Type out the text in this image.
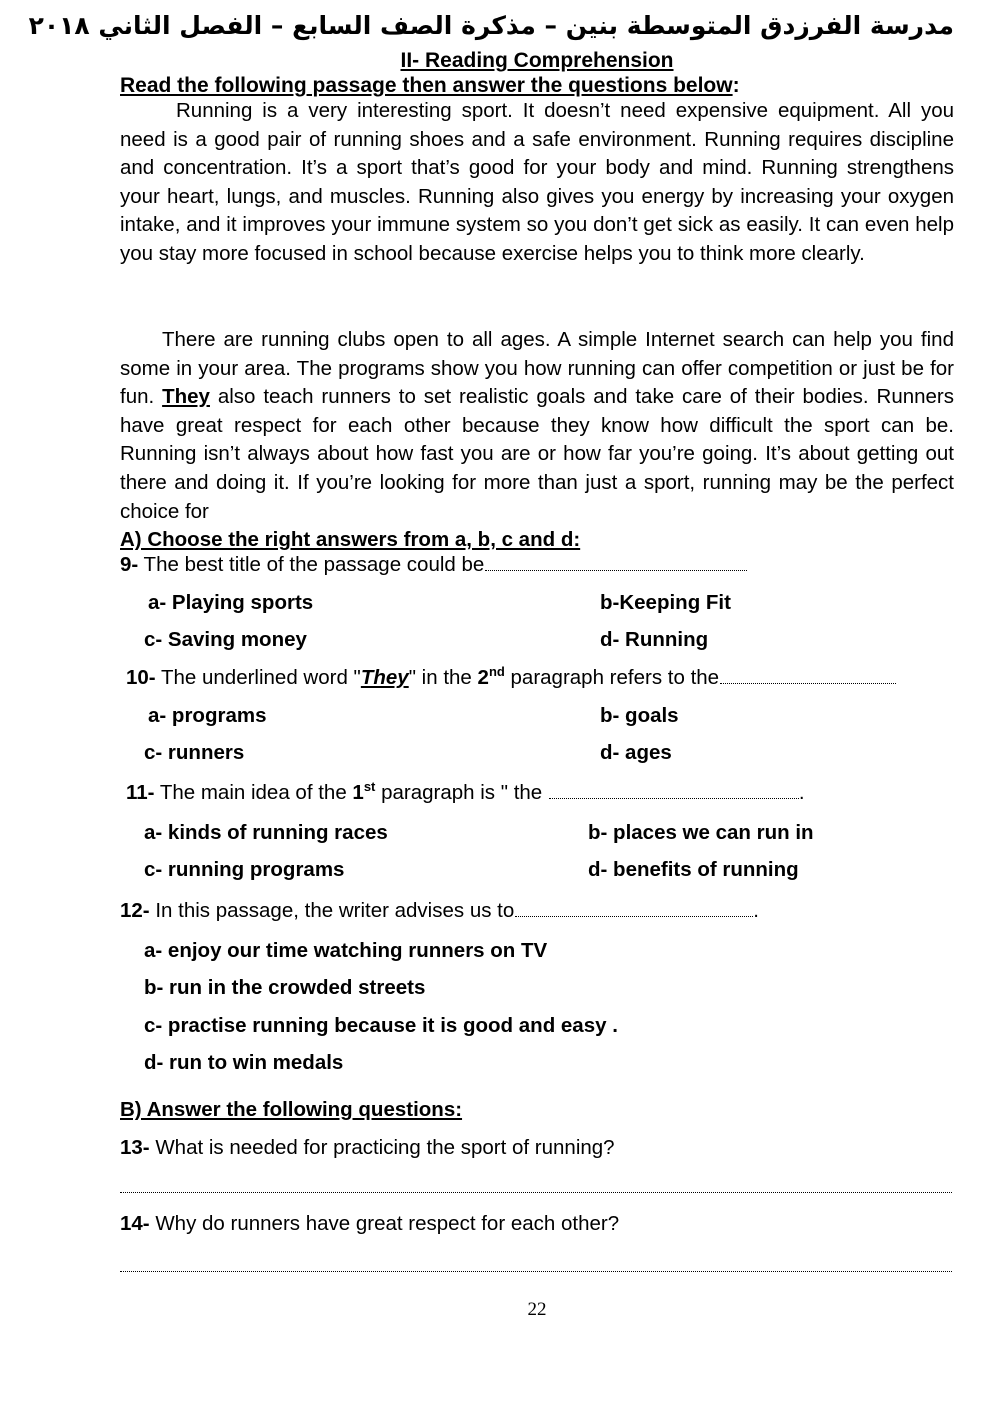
مدرسة الفرزدق المتوسطة بنين – مذكرة الصف السابع – الفصل الثاني ٢٠١٨
II- Reading Comprehension
Read the following passage then answer the questions below:

Running is a very interesting sport. It doesn’t need expensive equipment. All you need is a good pair of running shoes and a safe environment. Running requires discipline and concentration. It’s a sport that’s good for your body and mind. Running strengthens your heart, lungs, and muscles. Running also gives you energy by increasing your oxygen intake, and it improves your immune system so you don’t get sick as easily. It can even help you stay more focused in school because exercise helps you to think more clearly.

There are running clubs open to all ages. A simple Internet search can help you find some in your area. The programs show you how running can offer competition or just be for fun. They also teach runners to set realistic goals and take care of their bodies. Runners have great respect for each other because they know how difficult the sport can be. Running isn’t always about how fast you are or how far you’re going. It’s about getting out there and doing it. If you’re looking for more than just a sport, running may be the perfect choice for

A) Choose the right answers from a, b, c and d:
9- The best title of the passage could be
a- Playing sports	b-Keeping Fit
c- Saving money	d- Running
10- The underlined word "They" in the 2nd paragraph refers to the
a- programs	b- goals
c- runners	d- ages
11- The main idea of the 1st paragraph is " the	.
a- kinds of running races	b- places we can run in
c- running programs	d- benefits of running
12- In this passage, the writer advises us to	.
a- enjoy our time watching runners on TV
b- run in the crowded streets
c- practise running because it is good and easy .
d- run to win medals
B) Answer the following questions:
13- What is needed for practicing the sport of running?
14- Why do runners have great respect for each other?
22
